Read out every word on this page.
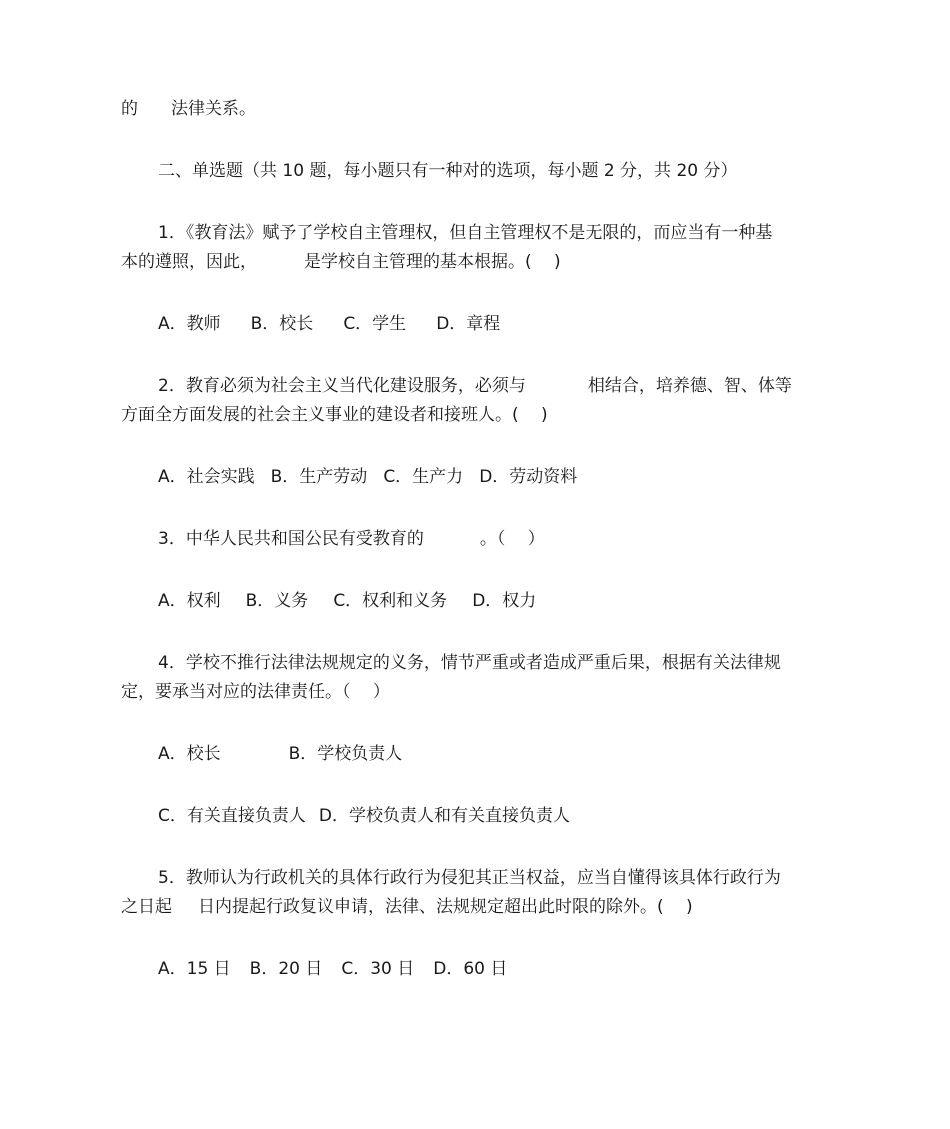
的 法律关系。
二、单选题（共 10 题，每小题只有一种对的选项，每小题 2 分，共 20 分）
1．《教育法》赋予了学校自主管理权，但自主管理权不是无限的，而应当有一种基
本的遵照，因此，	是学校自主管理的基本根据。(　 )
A．教师 B．校长 C．学生 D．章程
2．教育必须为社会主义当代化建设服务，必须与	相结合，培养德、智、体等
方面全方面发展的社会主义事业的建设者和接班人。(　 )
A．社会实践 B．生产劳动 C．生产力 D．劳动资料
3．中华人民共和国公民有受教育的	。（　 ）
A．权利 B．义务 C．权利和义务 D．权力
4．学校不推行法律法规规定的义务，情节严重或者造成严重后果，根据有关法律规
定，要承当对应的法律责任。（　 ）
A．校长	B．学校负责人
C．有关直接负责人 D．学校负责人和有关直接负责人
5．教师认为行政机关的具体行政行为侵犯其正当权益，应当自懂得该具体行政行为
之日起 日内提起行政复议申请，法律、法规规定超出此时限的除外。(　 )
A．15 日 B．20 日 C．30 日 D．60 日
